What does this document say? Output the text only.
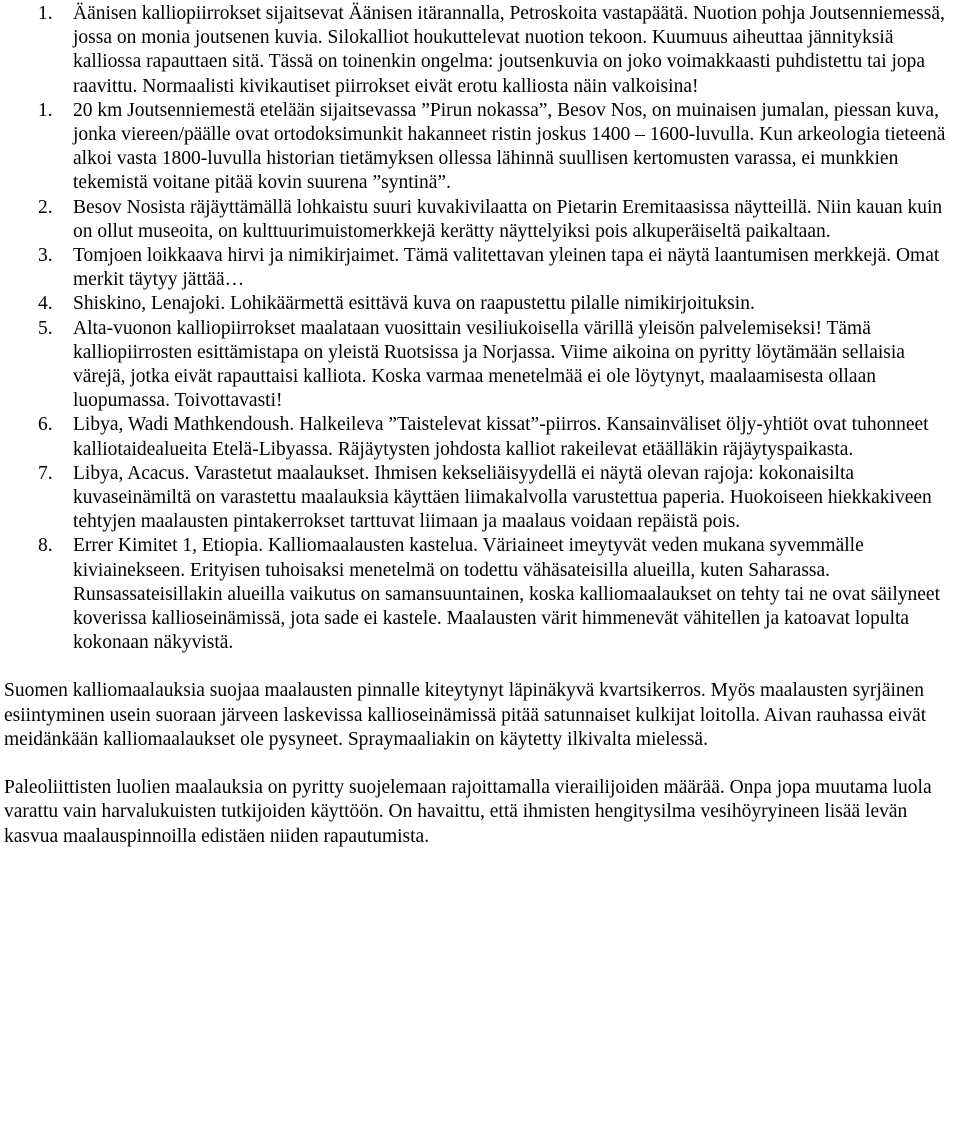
1. Äänisen kalliopiirrokset sijaitsevat Äänisen itärannalla, Petroskoita vastapäätä. Nuotion pohja Joutsenniemessä, jossa on monia joutsenen kuvia. Silokalliot houkuttelevat nuotion tekoon. Kuumuus aiheuttaa jännityksiä kalliossa rapauttaen sitä. Tässä on toinenkin ongelma: joutsenkuvia on joko voimakkaasti puhdistettu tai jopa raavittu. Normaalisti kivikautiset piirrokset eivät erotu kalliosta näin valkoisina!
1. 20 km Joutsenniemestä etelään sijaitsevassa ”Pirun nokassa”, Besov Nos, on muinaisen jumalan, piessan kuva, jonka viereen/päälle ovat ortodoksimunkit hakanneet ristin joskus 1400 – 1600-luvulla. Kun arkeologia tieteenä alkoi vasta 1800-luvulla historian tietämyksen ollessa lähinnä suullisen kertomusten varassa, ei munkkien tekemistä voitane pitää kovin suurena ”syntinä”.
2. Besov Nosista räjäyttämällä lohkaistu suuri kuvakivilaatta on Pietarin Eremitaasissa näytteillä. Niin kauan kuin on ollut museoita, on kulttuurimuistomerkkejä kerätty näyttelyiksi pois alkuperäiseltä paikaltaan.
3. Tomjoen loikkaava hirvi ja nimikirjaimet. Tämä valitettavan yleinen tapa ei näytä laantumisen merkkejä. Omat merkit täytyy jättää…
4. Shiskino, Lenajoki. Lohikäärmettä esittävä kuva on raapustettu pilalle nimikirjoituksin.
5. Alta-vuonon kalliopiirrokset maalataan vuosittain vesiliukoisella värillä yleisön palvelemiseksi! Tämä kalliopiirrosten esittämistapa on yleistä Ruotsissa ja Norjassa. Viime aikoina on pyritty löytämään sellaisia värejä, jotka eivät rapauttaisi kalliota. Koska varmaa menetelmää ei ole löytynyt, maalaamisesta ollaan luopumassa. Toivottavasti!
6. Libya, Wadi Mathkendoush. Halkeileva ”Taistelevat kissat”-piirros. Kansainväliset öljy-yhtiöt ovat tuhonneet kalliotaidealueita Etelä-Libyassa. Räjäytysten johdosta kalliot rakeilevat etäälläkin räjäytyspaikasta.
7. Libya, Acacus. Varastetut maalaukset. Ihmisen kekseliäisyydellä ei näytä olevan rajoja: kokonaisilta kuvaseinämiltä on varastettu maalauksia käyttäen liimakalvolla varustettua paperia. Huokoiseen hiekkakiveen tehtyjen maalausten pintakerrokset tarttuvat liimaan ja maalaus voidaan repäistä pois.
8. Errer Kimitet 1, Etiopia. Kalliomaalausten kastelua. Väriaineet imeytyvät veden mukana syvemmälle kiviainekseen. Erityisen tuhoisaksi menetelmä on todettu vähäsateisilla alueilla, kuten Saharassa. Runsassateisillakin alueilla vaikutus on samansuuntainen, koska kalliomaalaukset on tehty tai ne ovat säilyneet koverissa kallioseinämissä, jota sade ei kastele. Maalausten värit himmenevät vähitellen ja katoavat lopulta kokonaan näkyvistä.

Suomen kalliomaalauksia suojaa maalausten pinnalle kiteytynyt läpinäkyvä kvartsikerros. Myös maalausten syrjäinen esiintyminen usein suoraan järveen laskevissa kallioseinämissä pitää satunnaiset kulkijat loitolla. Aivan rauhassa eivät meidänkään kalliomaalaukset ole pysyneet. Spraymaaliakin on käytetty ilkivalta mielessä.

Paleoliittisten luolien maalauksia on pyritty suojelemaan rajoittamalla vierailijoiden määrää. Onpa jopa muutama luola varattu vain harvalukuisten tutkijoiden käyttöön. On havaittu, että ihmisten hengitysilma vesihöyryineen lisää levän kasvua maalauspinnoilla edistäen niiden rapautumista.
